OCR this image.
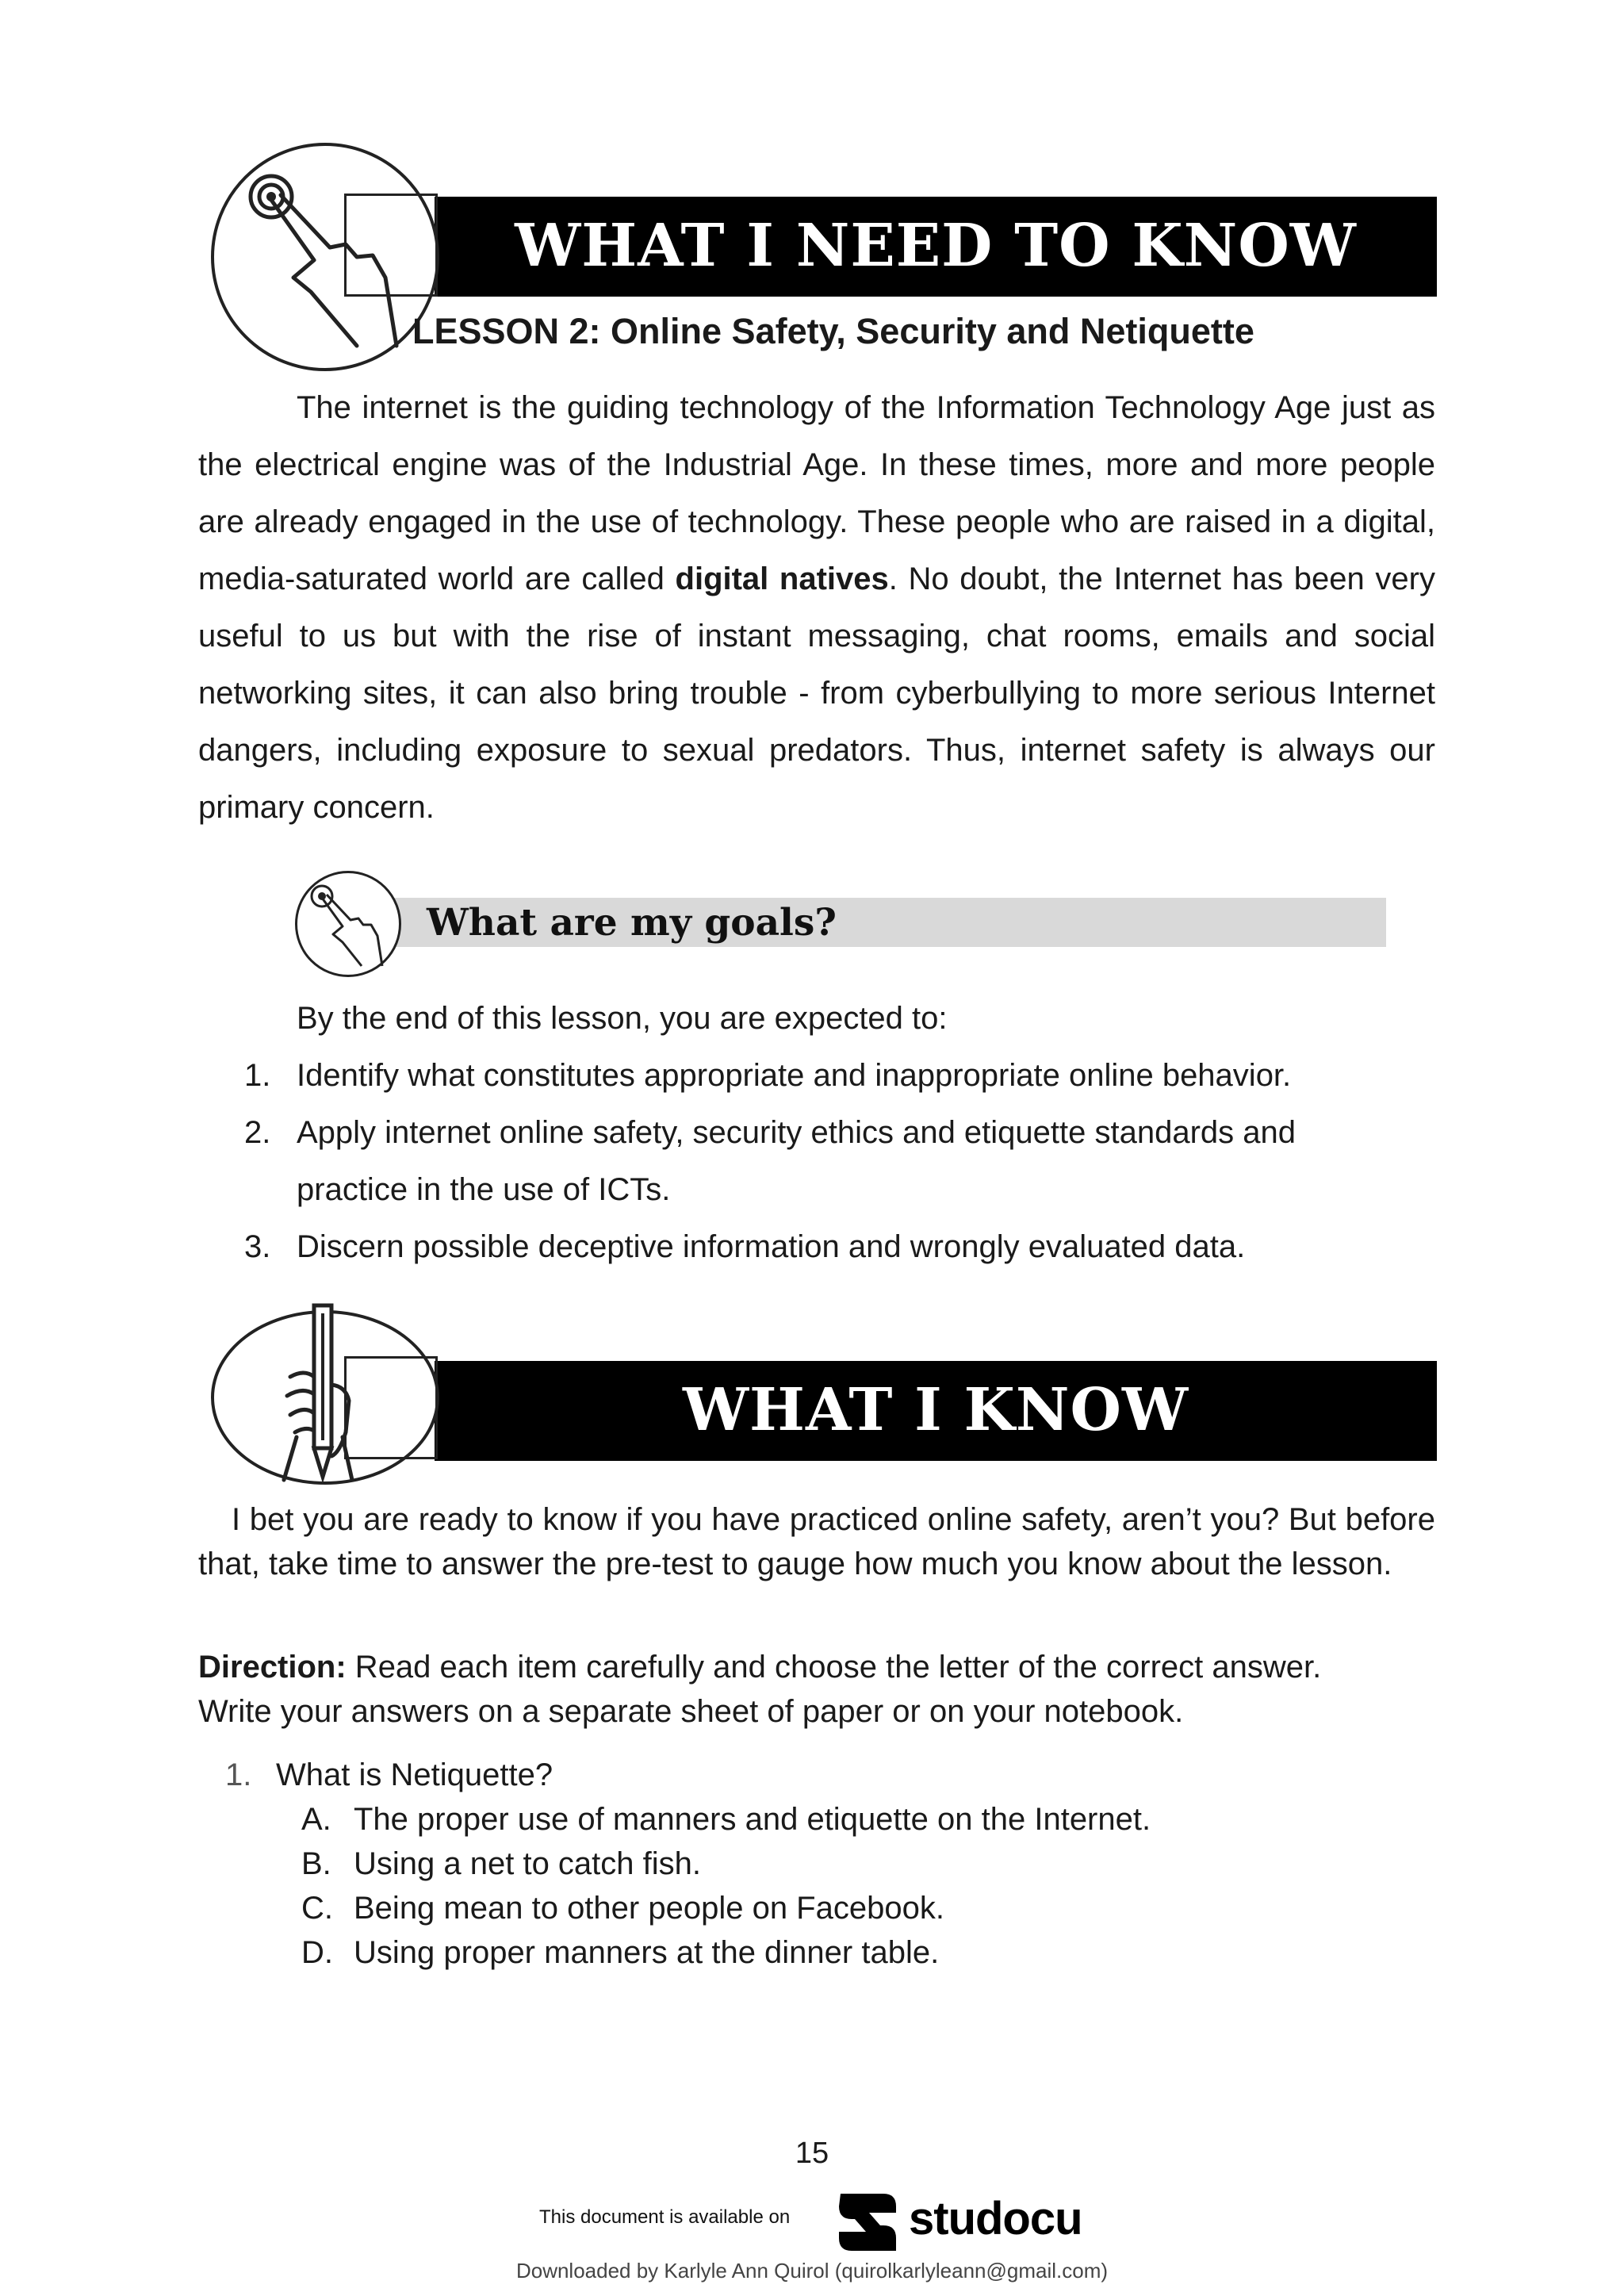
WHAT I NEED TO KNOW
LESSON 2: Online Safety, Security and Netiquette
The internet is the guiding technology of the Information Technology Age just as the electrical engine was of the Industrial Age. In these times, more and more people are already engaged in the use of technology. These people who are raised in a digital, media-saturated world are called digital natives. No doubt, the Internet has been very useful to us but with the rise of instant messaging, chat rooms, emails and social networking sites, it can also bring trouble - from cyberbullying to more serious Internet dangers, including exposure to sexual predators. Thus, internet safety is always our primary concern.
What are my goals?
By the end of this lesson, you are expected to:
1. Identify what constitutes appropriate and inappropriate online behavior.
2. Apply internet online safety, security ethics and etiquette standards and
practice in the use of ICTs.
3. Discern possible deceptive information and wrongly evaluated data.
WHAT I KNOW
I bet you are ready to know if you have practiced online safety, aren’t you? But before that, take time to answer the pre-test to gauge how much you know about the lesson.
Direction: Read each item carefully and choose the letter of the correct answer.
Write your answers on a separate sheet of paper or on your notebook.
1. What is Netiquette?
A. The proper use of manners and etiquette on the Internet.
B. Using a net to catch fish.
C. Being mean to other people on Facebook.
D. Using proper manners at the dinner table.
15
This document is available on	studocu
Downloaded by Karlyle Ann Quirol (quirolkarlyleann@gmail.com)
